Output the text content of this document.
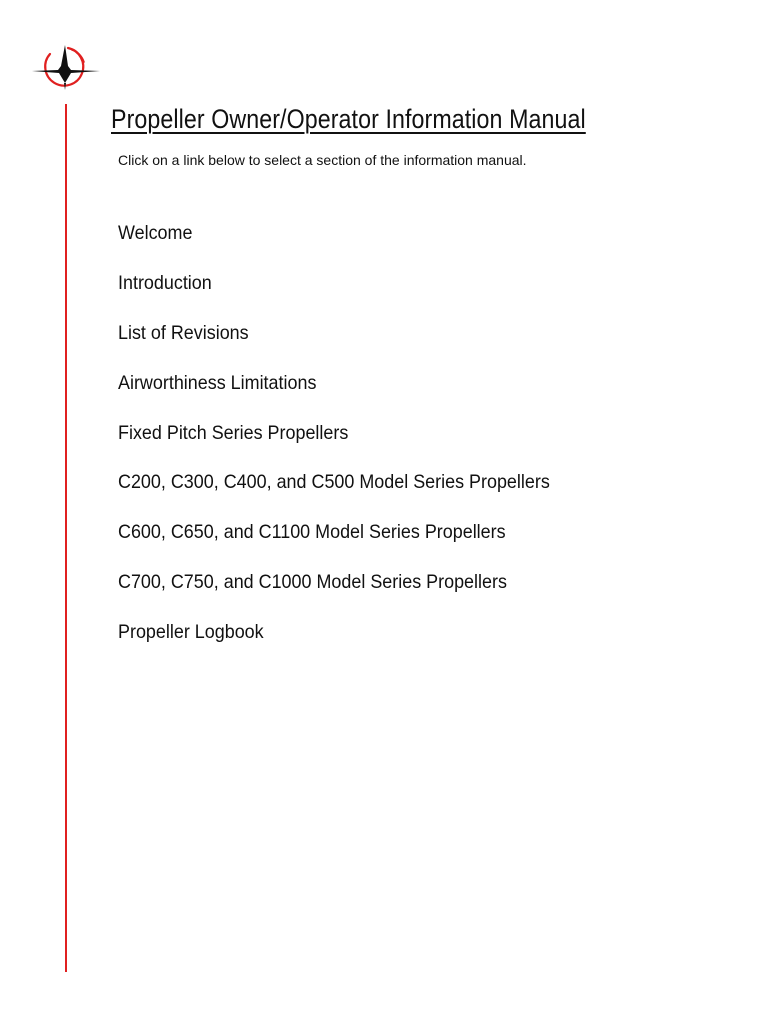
Propeller Owner/Operator Information Manual
Click on a link below to select a section of the information manual.
Welcome
Introduction
List of Revisions
Airworthiness Limitations
Fixed Pitch Series Propellers
C200, C300, C400, and C500 Model Series Propellers
C600, C650, and C1100 Model Series Propellers
C700, C750, and C1000 Model Series Propellers
Propeller Logbook
